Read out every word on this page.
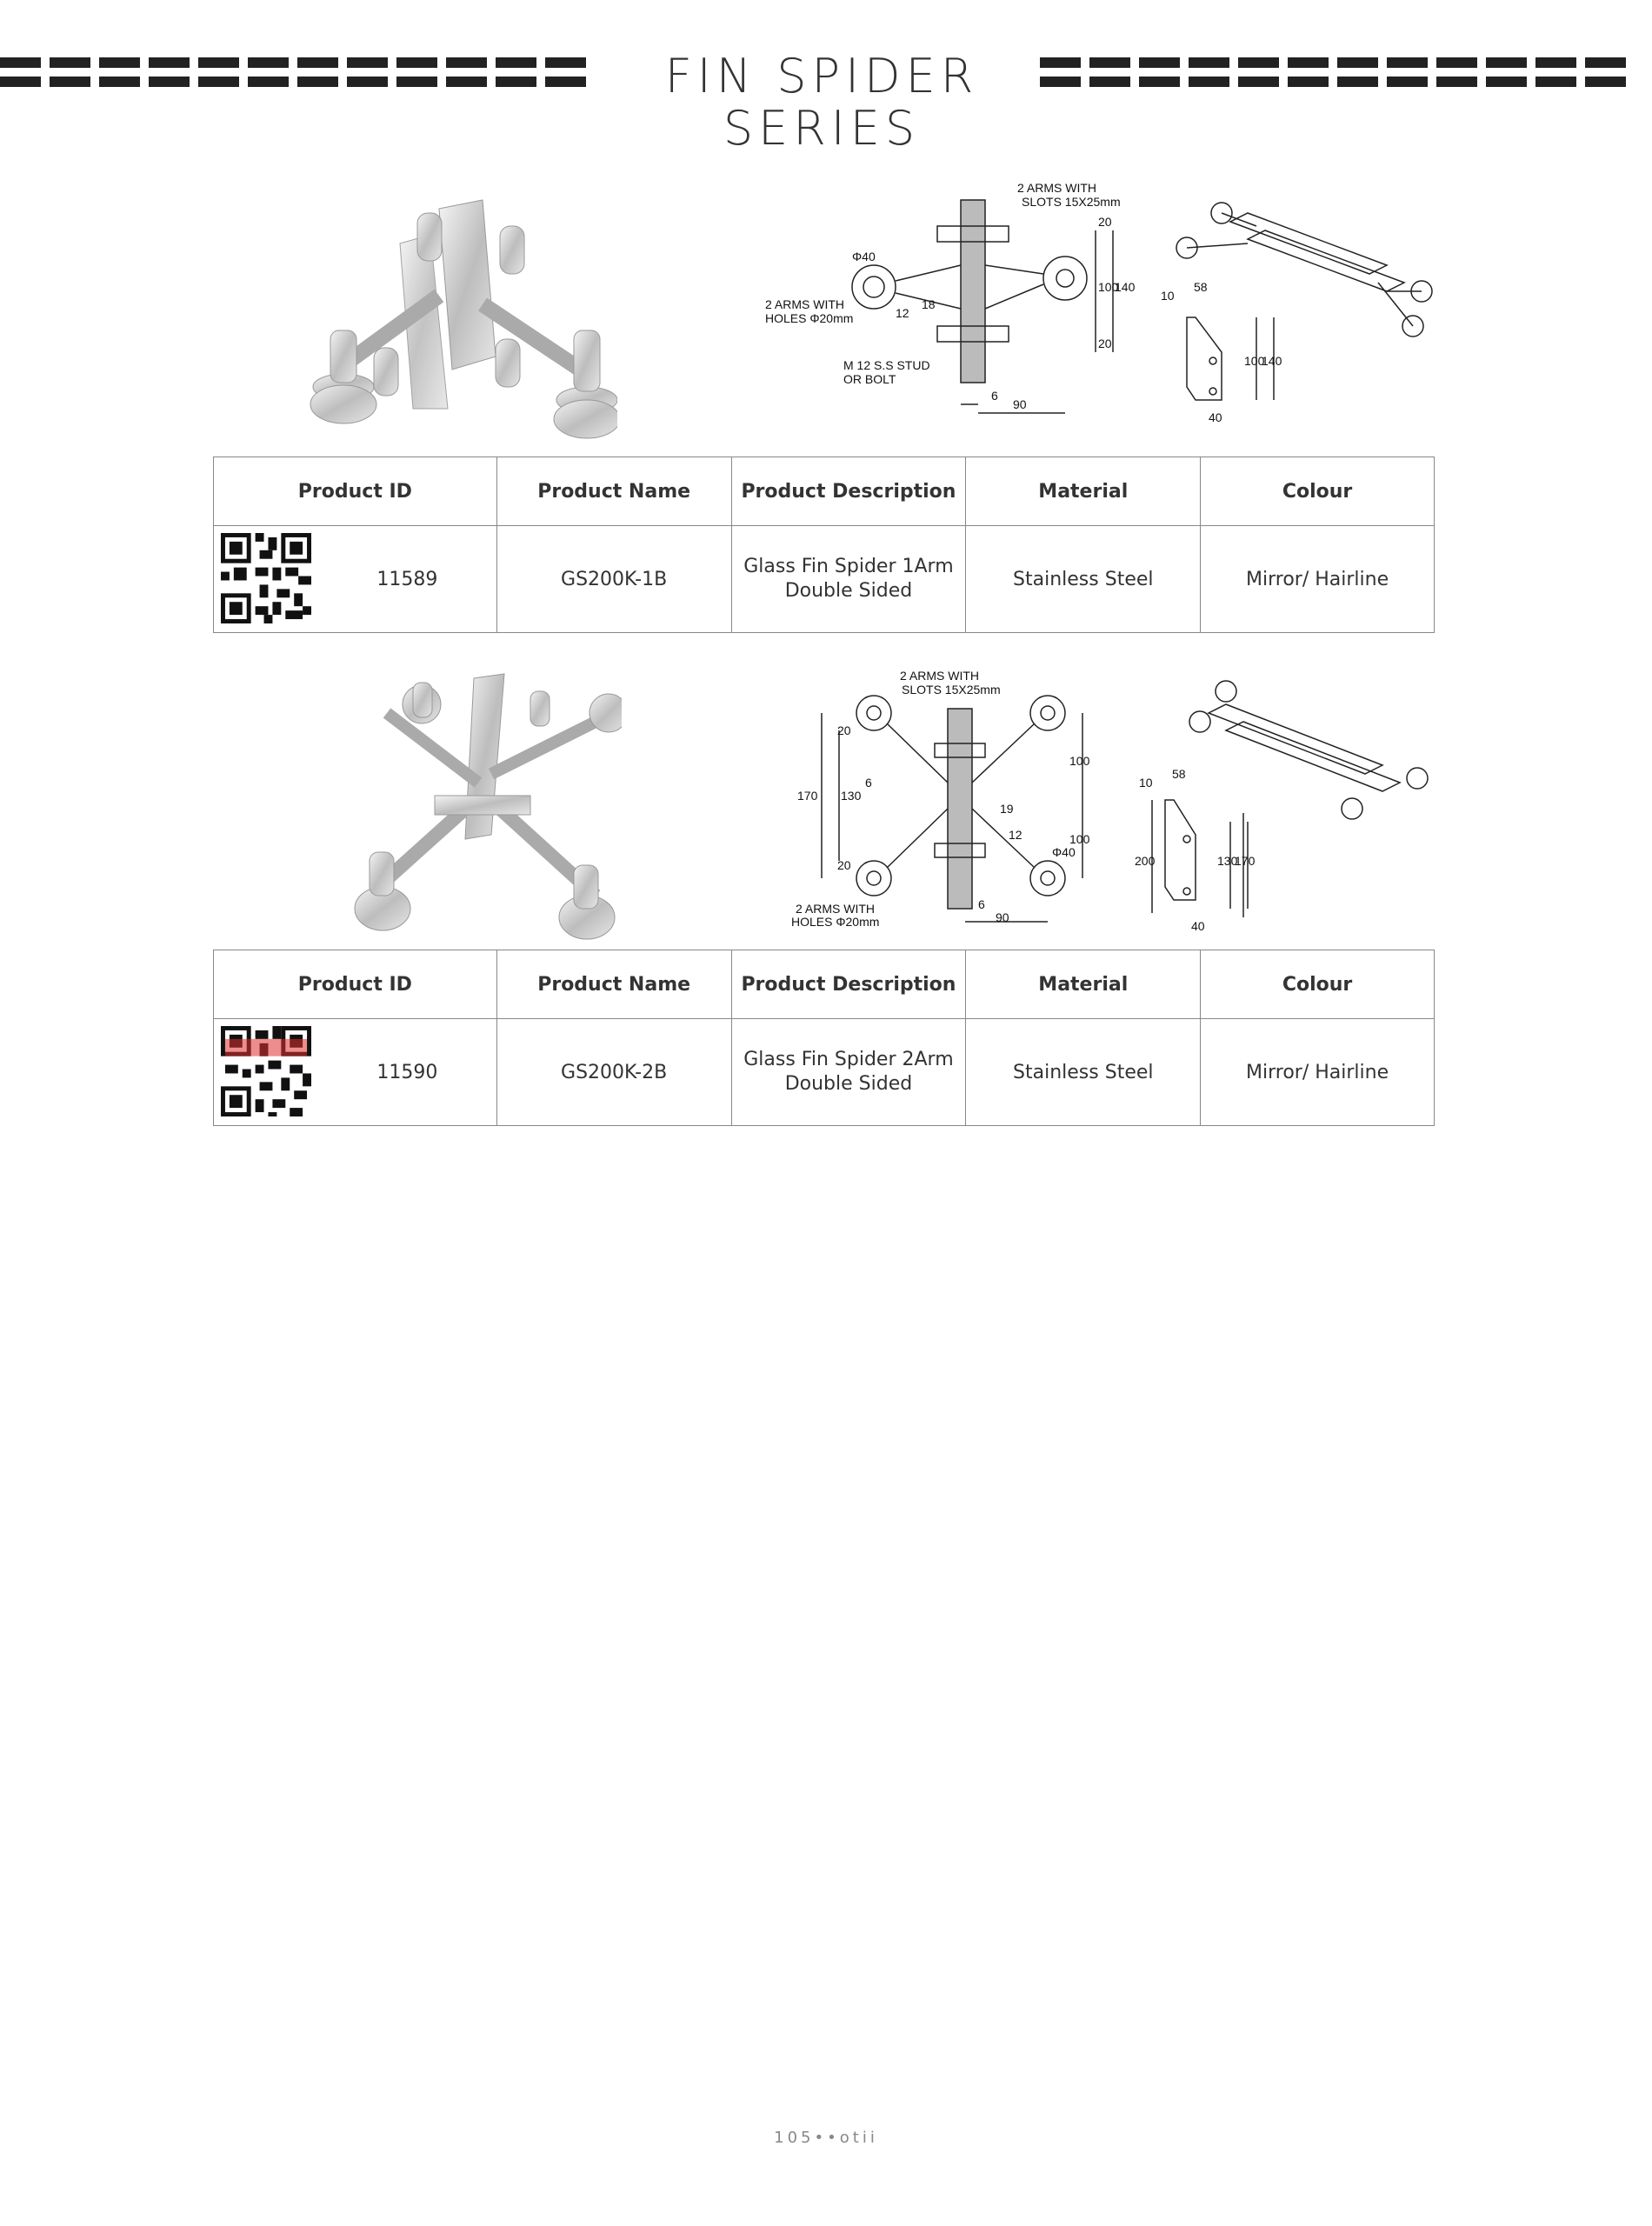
FIN SPIDER SERIES
2 ARMS WITH
SLOTS 15X25mm
2 ARMS WITH
HOLES Φ20mm
M 12 S.S STUD
OR BOLT
Φ40
12
18
20
100
140
20
6
90
10
58
100
140
40
Product ID	Product Name	Product Description	Material	Colour

11589	GS200K-1B	Glass Fin Spider 1Arm
Double Sided	Stainless Steel	Mirror/ Hairline
2 ARMS WITH
SLOTS 15X25mm
2 ARMS WITH
HOLES Φ20mm
20
170 130
6
20
100
100
19
12
Φ40
6
90
10
58
200	130
170
40
Product ID	Product Name	Product Description	Material	Colour

11590	GS200K-2B	Glass Fin Spider 2Arm
Double Sided	Stainless Steel	Mirror/ Hairline
105••otii
